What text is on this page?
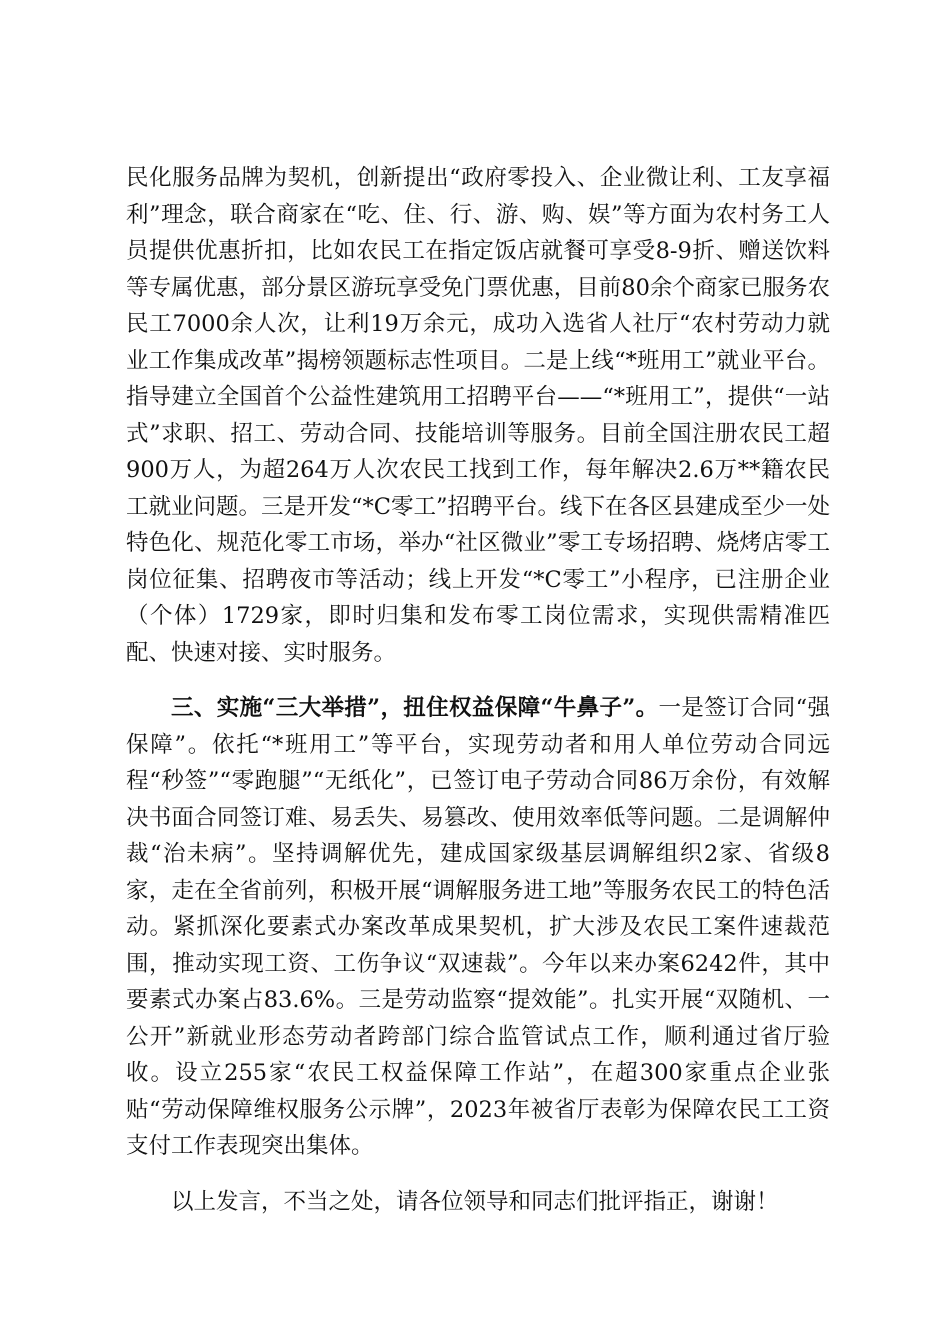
民化服务品牌为契机，创新提出“政府零投入、企业微让利、工友享福利”理念，联合商家在“吃、住、行、游、购、娱”等方面为农村务工人员提供优惠折扣，比如农民工在指定饭店就餐可享受8-9折、赠送饮料等专属优惠，部分景区游玩享受免门票优惠，目前80余个商家已服务农民工7000余人次，让利19万余元，成功入选省人社厅“农村劳动力就业工作集成改革”揭榜领题标志性项目。二是上线“*班用工”就业平台。指导建立全国首个公益性建筑用工招聘平台——“*班用工”，提供“一站式”求职、招工、劳动合同、技能培训等服务。目前全国注册农民工超900万人，为超264万人次农民工找到工作，每年解决2.6万**籍农民工就业问题。三是开发“*C零工”招聘平台。线下在各区县建成至少一处特色化、规范化零工市场，举办“社区微业”零工专场招聘、烧烤店零工岗位征集、招聘夜市等活动；线上开发“*C零工”小程序，已注册企业（个体）1729家，即时归集和发布零工岗位需求，实现供需精准匹配、快速对接、实时服务。

三、实施“三大举措”，扭住权益保障“牛鼻子”。一是签订合同“强保障”。依托“*班用工”等平台，实现劳动者和用人单位劳动合同远程“秒签”“零跑腿”“无纸化”，已签订电子劳动合同86万余份，有效解决书面合同签订难、易丢失、易篡改、使用效率低等问题。二是调解仲裁“治未病”。坚持调解优先，建成国家级基层调解组织2家、省级8家，走在全省前列，积极开展“调解服务进工地”等服务农民工的特色活动。紧抓深化要素式办案改革成果契机，扩大涉及农民工案件速裁范围，推动实现工资、工伤争议“双速裁”。今年以来办案6242件，其中要素式办案占83.6%。三是劳动监察“提效能”。扎实开展“双随机、一公开”新就业形态劳动者跨部门综合监管试点工作，顺利通过省厅验收。设立255家“农民工权益保障工作站”，在超300家重点企业张贴“劳动保障维权服务公示牌”，2023年被省厅表彰为保障农民工工资支付工作表现突出集体。

以上发言，不当之处，请各位领导和同志们批评指正，谢谢！
